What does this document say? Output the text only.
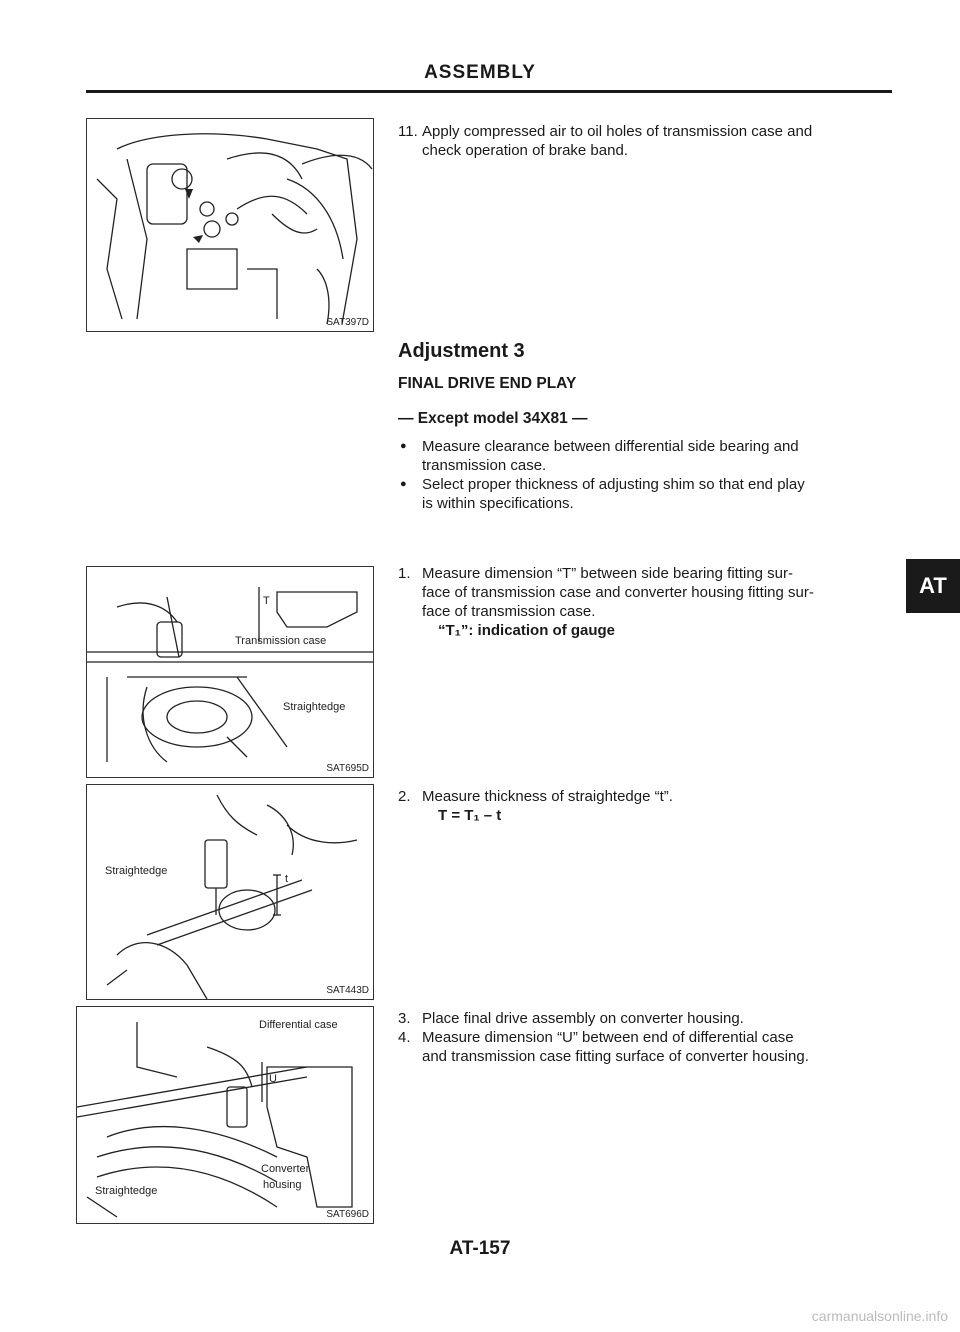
ASSEMBLY
SAT397D
T
Transmission case
Straightedge
SAT695D
Straightedge
t
SAT443D
Differential case
U
Converter
housing
Straightedge
SAT696D
11. Apply compressed air to oil holes of transmission case and
check operation of brake band.
Adjustment 3
FINAL DRIVE END PLAY
— Except model 34X81 —
● Measure clearance between differential side bearing and
transmission case.
● Select proper thickness of adjusting shim so that end play
is within specifications.
1. Measure dimension “T” between side bearing fitting sur-
face of transmission case and converter housing fitting sur-
face of transmission case.
“T₁”: indication of gauge
2. Measure thickness of straightedge “t”.
T = T₁ – t
3. Place final drive assembly on converter housing.
4. Measure dimension “U” between end of differential case
and transmission case fitting surface of converter housing.
AT
AT-157
carmanualsonline.info
